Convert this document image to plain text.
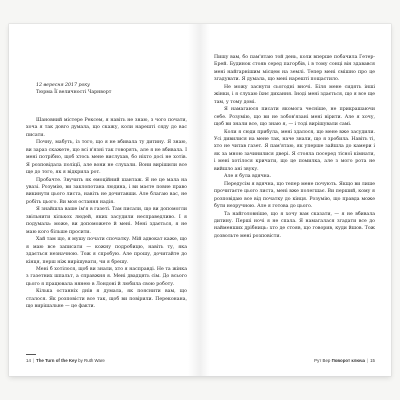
12 вересня 2017 року
Тюрма Її величності Чарнворт

Шановний містере Рексем, я навіть не знаю, з чого почати, хоча я так довго думала, що скажу, коли нарешті сяду до вас писати.

Почну, мабуть, із того, що я не вбивала ту дитину. Я знаю, ви зараз скажете, що всі в'язні так говорять, але я не вбивала. І мені потрібно, щоб хтось мене вислухав, бо ніхто досі не хотів. Я розповідала поліції, але вони не слухали. Вони вирішили все ще до того, як я відкрила рот.

Пробачте. Звучить як емоційний шантаж. Я не це мала на увазі. Розумію, ви заклопотана людина, і ви маєте повне право викинути цього листа, навіть не дочитавши. Але благаю вас, не робіть цього. Ви моя остання надія.

Я знайшла ваше ім'я в газеті. Там писали, що ви допомогли звільнити кількох людей, яких засудили несправедливо. І я подумала: може, ви допоможете й мені. Мені здається, я не маю кого більше просити.

Хай там що, я мушу почати спочатку. Мій адвокат каже, що я маю все записати — кожну подробицю, навіть ту, яка здається незначною. Тож я спробую. Але прошу, дочитайте до кінця, перш ніж вирішувати, чи я брешу.

Мені б хотілося, щоб ви знали, хто я насправді. Не та жінка з газетних шпальт, а справжня я. Мені двадцять сім. До всього цього я працювала нянею в Лондоні й любила свою роботу.

Кілька останніх днів я думала, як пояснити вам, що сталося. Як розповісти все так, щоб ви повірили. Переконана, що вирішальне — це факти.

14 | The Turn of the Key by Ruth Ware

Пишу вам, бо пам'ятаю той день, коли вперше побачила Гетер-Брей. Будинок стояв серед пагорбів, і в тому сонці він здавався мені найгарнішим місцем на землі. Тепер мені смішно про це згадувати. Я думала, що мені нарешті пощастило.

Не можу заснути сьогодні вночі. Біля мене сидять інші жінки, і я слухаю їхнє дихання. Іноді мені здається, що я все ще там, у тому домі.

Я намагаюся писати якомога чесніше, не прикрашаючи себе. Розумію, що ви не зобов'язані мені вірити. Але я хочу, щоб ви знали все, що знаю я, — і тоді вирішували самі.

Коли я сюди прибула, мені здалося, що мене вже засудили. Усі дивилися на мене так, наче знали, що я зробила. Навіть ті, хто не читав газет. Я пам'ятаю, як уперше зайшла до камери і як за мною зачинилися двері. Я стояла посеред тісної кімнати, і мені хотілося кричати, що це помилка, але з мого рота не вийшло ані звуку.

Але я була вдячна.

Передусім я вдячна, що тепер мене почують. Якщо ви лише прочитаєте цього листа, мені вже полегшає. Ви перший, кому я розповідаю все від початку до кінця. Розумію, що правда може бути незручною. Але я готова до цього.

Та найголовніше, що я хочу вам сказати, — я не вбивала дитину. Перші ночі я не спала. Я намагалася згадати все до найменших дрібниць: хто де стояв, що говорив, куди йшов. Тож дозвольте мені розповісти.

Рут Вер Поворот ключа | 15
